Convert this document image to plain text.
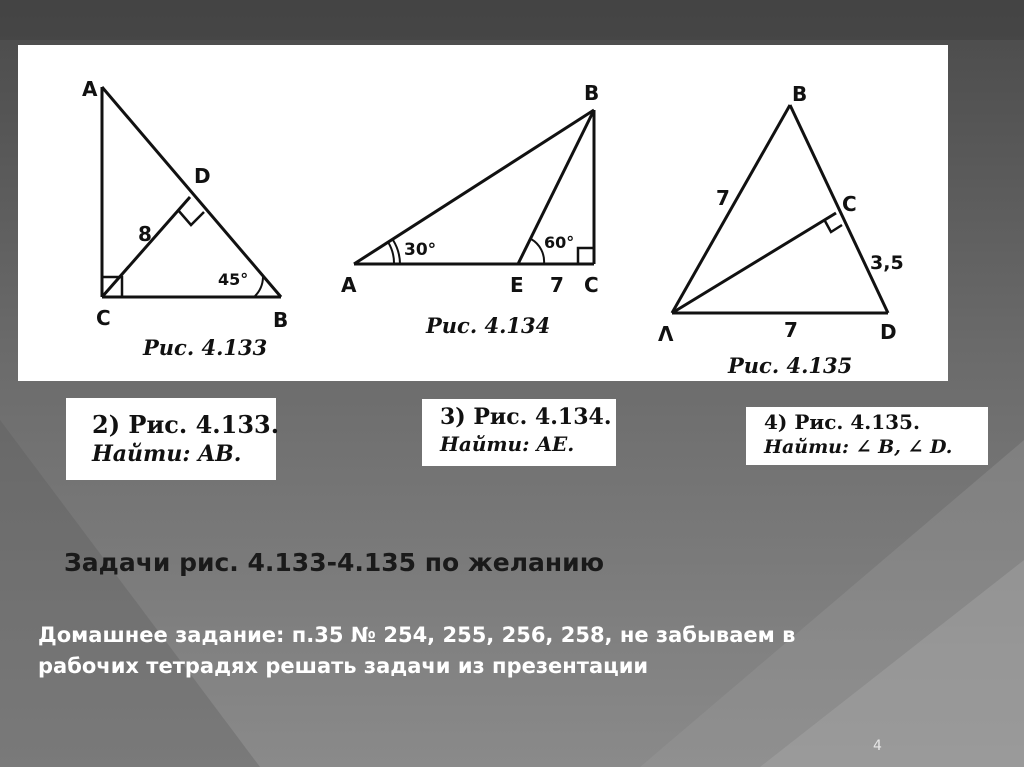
A
D
C	B
8
45°
Рис. 4.133
B
A	E	C
7
30°	60°
Рис. 4.134
B
C
Λ	D
7
7
3,5
Рис. 4.135
2) Рис. 4.133.
Найти: AB.
3) Рис. 4.134.
Найти: AE.
4) Рис. 4.135.
Найти: ∠ B, ∠ D.
Задачи рис. 4.133-4.135 по желанию
Домашнее задание: п.35 № 254, 255, 256, 258, не забываем в рабочих тетрадях решать задачи из презентации
4
